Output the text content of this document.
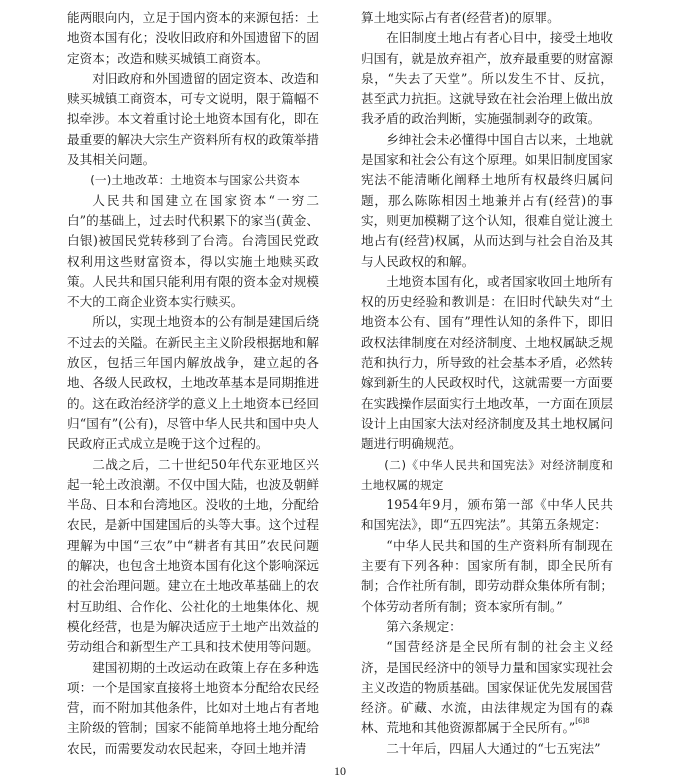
能两眼向内，立足于国内资本的来源包括：土地资本国有化；没收旧政府和外国遗留下的固定资本；改造和赎买城镇工商资本。

对旧政府和外国遗留的固定资本、改造和赎买城镇工商资本，可专文说明，限于篇幅不拟牵涉。本文着重讨论土地资本国有化，即在最重要的解决大宗生产资料所有权的政策举措及其相关问题。

(一)土地改革：土地资本与国家公共资本

人民共和国建立在国家资本“一穷二白”的基础上，过去时代积累下的家当(黄金、白银)被国民党转移到了台湾。台湾国民党政权利用这些财富资本，得以实施土地赎买政策。人民共和国只能利用有限的资本金对规模不大的工商企业资本实行赎买。

所以，实现土地资本的公有制是建国后绕不过去的关隘。在新民主主义阶段根据地和解放区，包括三年国内解放战争，建立起的各地、各级人民政权，土地改革基本是同期推进的。这在政治经济学的意义上土地资本已经回归“国有”(公有)，尽管中华人民共和国中央人民政府正式成立是晚于这个过程的。

二战之后，二十世纪50年代东亚地区兴起一轮土改浪潮。不仅中国大陆，也波及朝鲜半岛、日本和台湾地区。没收的土地，分配给农民，是新中国建国后的头等大事。这个过程理解为中国“三农”中“耕者有其田”农民问题的解决，也包含土地资本国有化这个影响深远的社会治理问题。建立在土地改革基础上的农村互助组、合作化、公社化的土地集体化、规模化经营，也是为解决适应于土地产出效益的劳动组合和新型生产工具和技术使用等问题。

建国初期的土改运动在政策上存在多种选项：一个是国家直接将土地资本分配给农民经营，而不附加其他条件，比如对土地占有者地主阶级的管制；国家不能简单地将土地分配给农民，而需要发动农民起来，夺回土地并清

算土地实际占有者(经营者)的原罪。

在旧制度土地占有者心目中，接受土地收归国有，就是放弃祖产，放弃最重要的财富源泉，“失去了天堂”。所以发生不甘、反抗，甚至武力抗拒。这就导致在社会治理上做出放我矛盾的政治判断，实施强制剥夺的政策。

乡绅社会未必懂得中国自古以来，土地就是国家和社会公有这个原理。如果旧制度国家宪法不能清晰化阐释土地所有权最终归属问题，那么陈陈相因土地兼并占有(经营)的事实，则更加模糊了这个认知，很难自觉让渡土地占有(经营)权属，从而达到与社会自治及其与人民政权的和解。

土地资本国有化，或者国家收回土地所有权的历史经验和教训是：在旧时代缺失对“土地资本公有、国有”理性认知的条件下，即旧政权法律制度在对经济制度、土地权属缺乏规范和执行力，所导致的社会基本矛盾，必然转嫁到新生的人民政权时代，这就需要一方面要在实践操作层面实行土地改革，一方面在顶层设计上由国家大法对经济制度及其土地权属问题进行明确规范。

(二)《中华人民共和国宪法》对经济制度和土地权属的规定

1954年9月，颁布第一部《中华人民共和国宪法》，即“五四宪法”。其第五条规定：

“中华人民共和国的生产资料所有制现在主要有下列各种：国家所有制，即全民所有制；合作社所有制，即劳动群众集体所有制；个体劳动者所有制；资本家所有制。”

第六条规定：

“国营经济是全民所有制的社会主义经济，是国民经济中的领导力量和国家实现社会主义改造的物质基础。国家保证优先发展国营经济。矿藏、水流，由法律规定为国有的森林、荒地和其他资源都属于全民所有。”$^{[6]8}$

二十年后，四届人大通过的“七五宪法”

10
